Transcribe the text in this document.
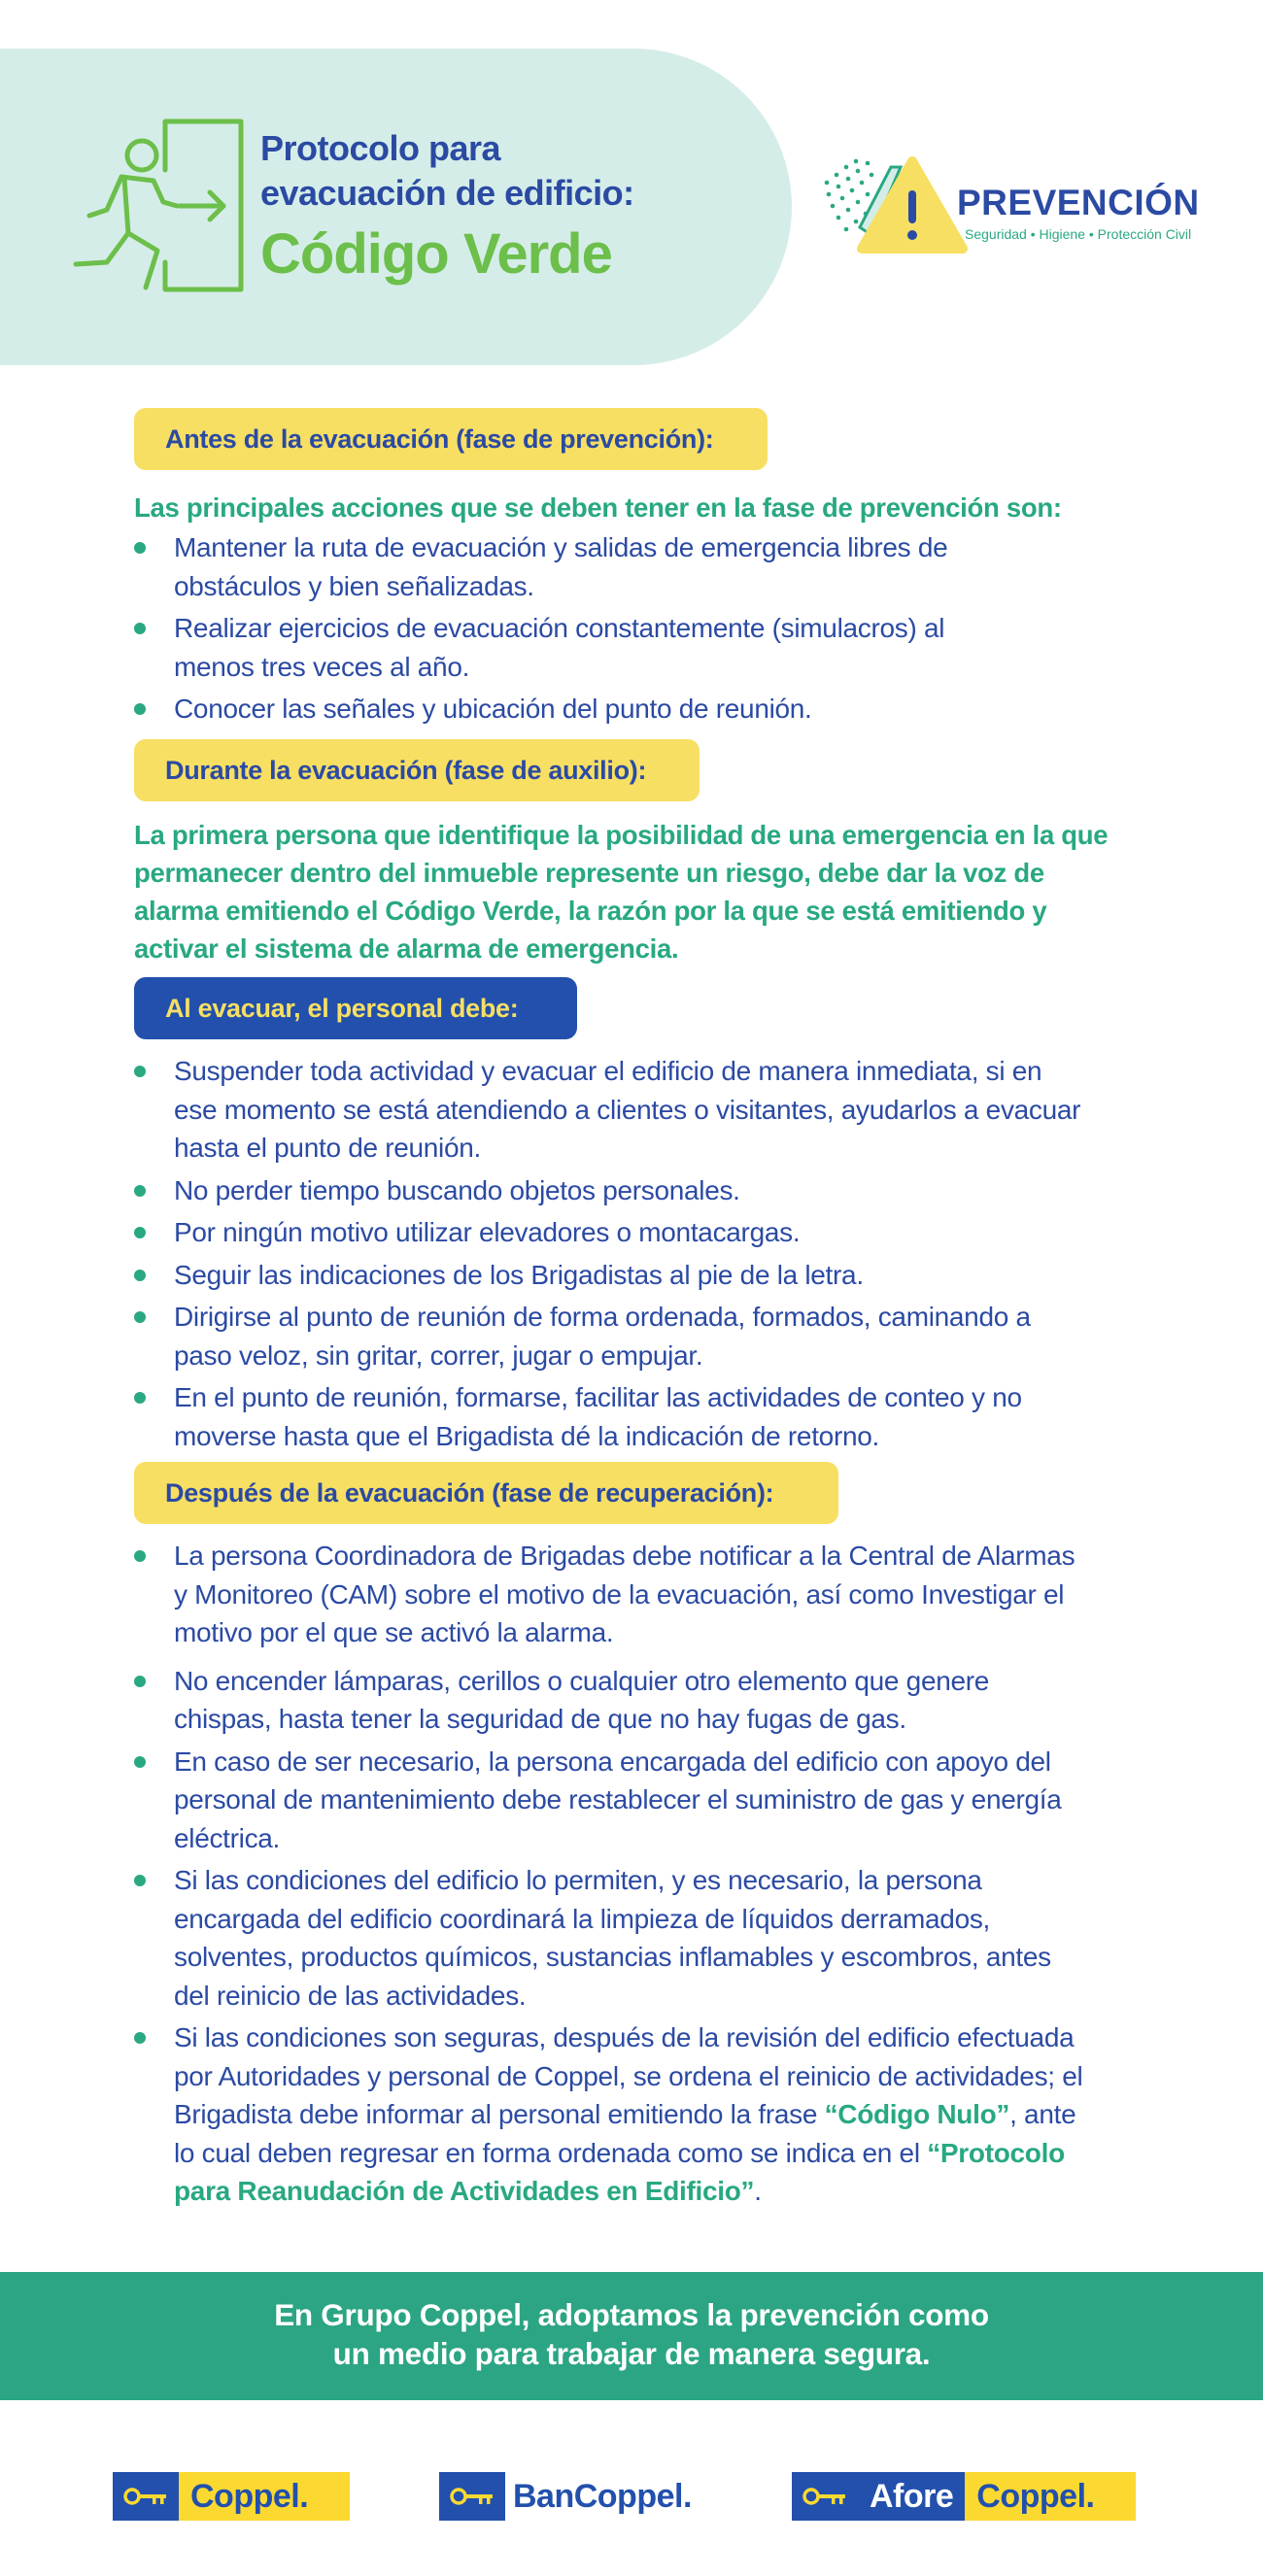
Protocolo para
evacuación de edificio:
Código Verde
PREVENCIÓN
Seguridad • Higiene • Protección Civil
Antes de la evacuación (fase de prevención):
Las principales acciones que se deben tener en la fase de prevención son:
Mantener la ruta de evacuación y salidas de emergencia libres de obstáculos y bien señalizadas.
Realizar ejercicios de evacuación constantemente (simulacros) al menos tres veces al año.
Conocer las señales y ubicación del punto de reunión.
Durante la evacuación (fase de auxilio):
La primera persona que identifique la posibilidad de una emergencia en la que permanecer dentro del inmueble represente un riesgo, debe dar la voz de alarma emitiendo el Código Verde, la razón por la que se está emitiendo y activar el sistema de alarma de emergencia.
Al evacuar, el personal debe:
Suspender toda actividad y evacuar el edificio de manera inmediata, si en ese momento se está atendiendo a clientes o visitantes, ayudarlos a evacuar hasta el punto de reunión.
No perder tiempo buscando objetos personales.
Por ningún motivo utilizar elevadores o montacargas.
Seguir las indicaciones de los Brigadistas al pie de la letra.
Dirigirse al punto de reunión de forma ordenada, formados, caminando a paso veloz, sin gritar, correr, jugar o empujar.
En el punto de reunión, formarse, facilitar las actividades de conteo y no moverse hasta que el Brigadista dé la indicación de retorno.
Después de la evacuación (fase de recuperación):
La persona Coordinadora de Brigadas debe notificar a la Central de Alarmas y Monitoreo (CAM) sobre el motivo de la evacuación, así como Investigar el motivo por el que se activó la alarma.
No encender lámparas, cerillos o cualquier otro elemento que genere chispas, hasta tener la seguridad de que no hay fugas de gas.
En caso de ser necesario, la persona encargada del edificio con apoyo del personal de mantenimiento debe restablecer el suministro de gas y energía eléctrica.
Si las condiciones del edificio lo permiten, y es necesario, la persona encargada del edificio coordinará la limpieza de líquidos derramados, solventes, productos químicos, sustancias inflamables y escombros, antes del reinicio de las actividades.
Si las condiciones son seguras, después de la revisión del edificio efectuada por Autoridades y personal de Coppel, se ordena el reinicio de actividades; el Brigadista debe informar al personal emitiendo la frase “Código Nulo”, ante lo cual deben regresar en forma ordenada como se indica en el “Protocolo para Reanudación de Actividades en Edificio”.
En Grupo Coppel, adoptamos la prevención como
un medio para trabajar de manera segura.
Coppel.	BanCoppel.	Afore Coppel.
